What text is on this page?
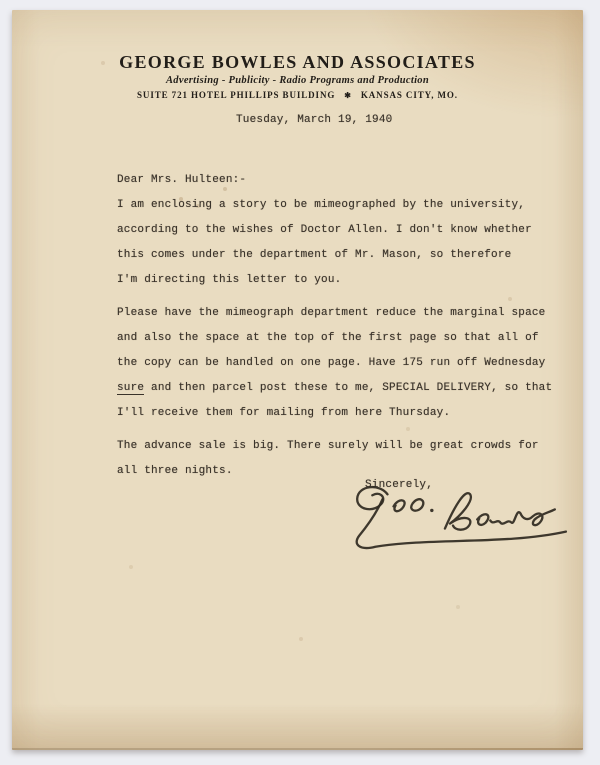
GEORGE BOWLES AND ASSOCIATES
Advertising - Publicity - Radio Programs and Production
SUITE 721 HOTEL PHILLIPS BUILDING ✱ KANSAS CITY, MO.
Tuesday, March 19, 1940
Dear Mrs. Hulteen:-
I am enclosing a story to be mimeographed by the university,
according to the wishes of Doctor Allen. I don't know whether
this comes under the department of Mr. Mason, so therefore
I'm directing this letter to you.
Please have the mimeograph department reduce the marginal space
and also the space at the top of the first page so that all of
the copy can be handled on one page. Have 175 run off Wednesday
sure and then parcel post these to me, SPECIAL DELIVERY, so that
I'll receive them for mailing from here Thursday.
The advance sale is big. There surely will be great crowds for
all three nights.
Sincerely,
